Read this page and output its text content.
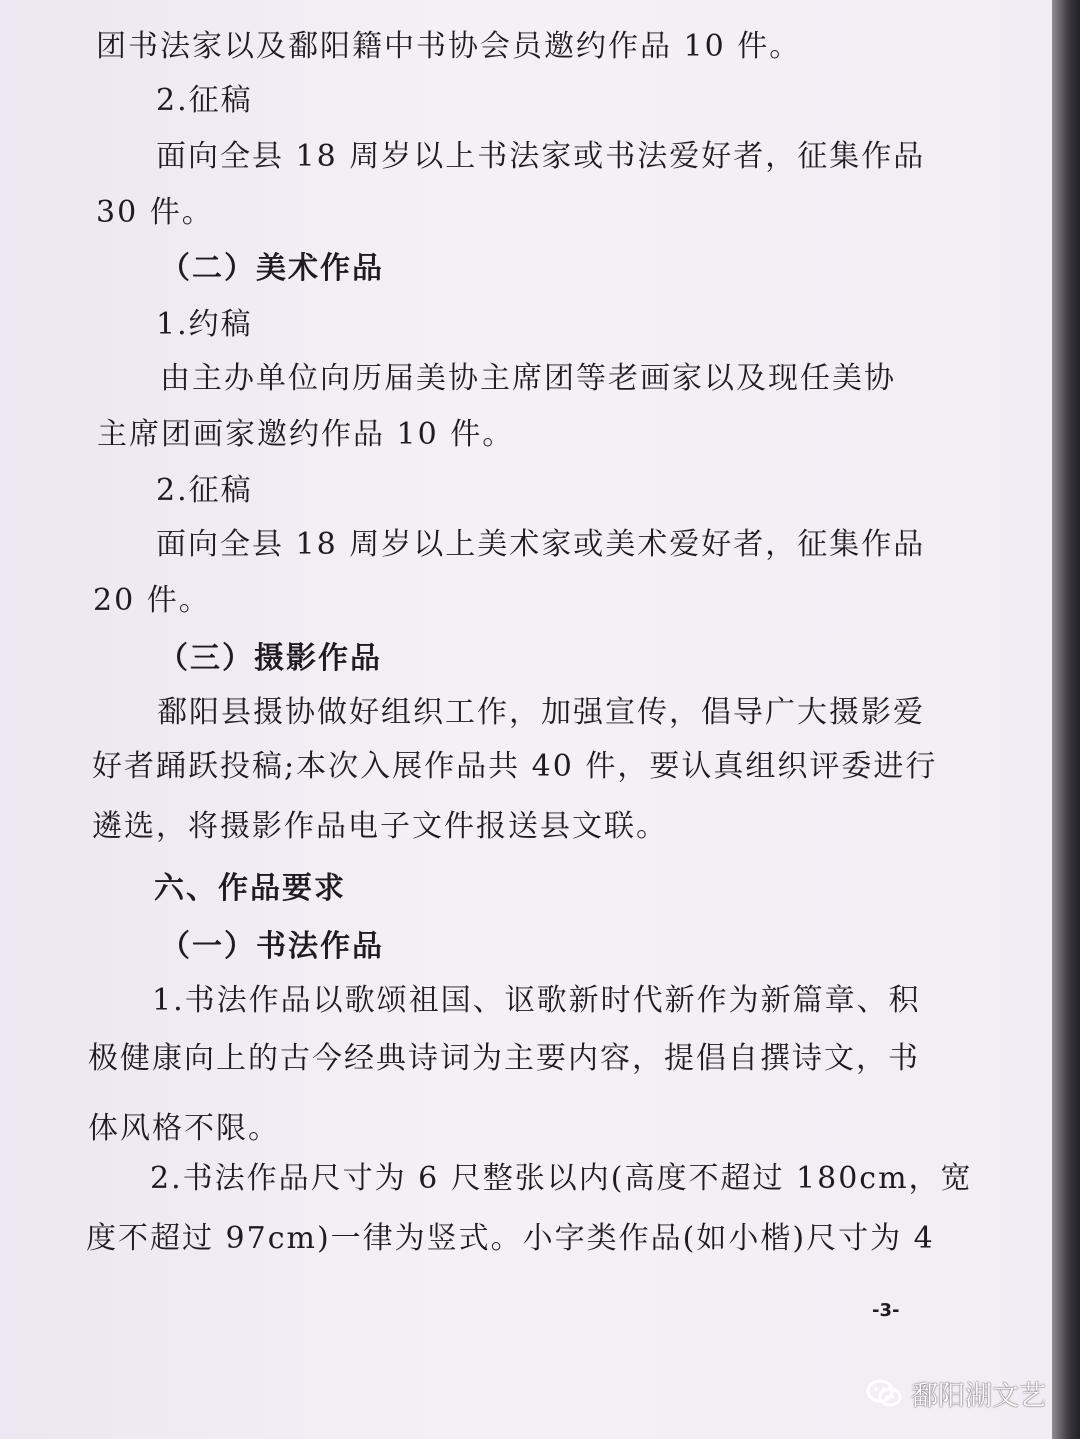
团书法家以及鄱阳籍中书协会员邀约作品 10 件。
2.征稿
面向全县 18 周岁以上书法家或书法爱好者，征集作品
30 件。
（二）美术作品
1.约稿
由主办单位向历届美协主席团等老画家以及现任美协
主席团画家邀约作品 10 件。
2.征稿
面向全县 18 周岁以上美术家或美术爱好者，征集作品
20 件。
（三）摄影作品
鄱阳县摄协做好组织工作，加强宣传，倡导广大摄影爱
好者踊跃投稿;本次入展作品共 40 件，要认真组织评委进行
遴选，将摄影作品电子文件报送县文联。
六、作品要求
（一）书法作品
1.书法作品以歌颂祖国、讴歌新时代新作为新篇章、积
极健康向上的古今经典诗词为主要内容，提倡自撰诗文，书
体风格不限。
2.书法作品尺寸为 6 尺整张以内(高度不超过 180cm，宽
度不超过 97cm)一律为竖式。小字类作品(如小楷)尺寸为 4
-3-
鄱阳湖文艺
